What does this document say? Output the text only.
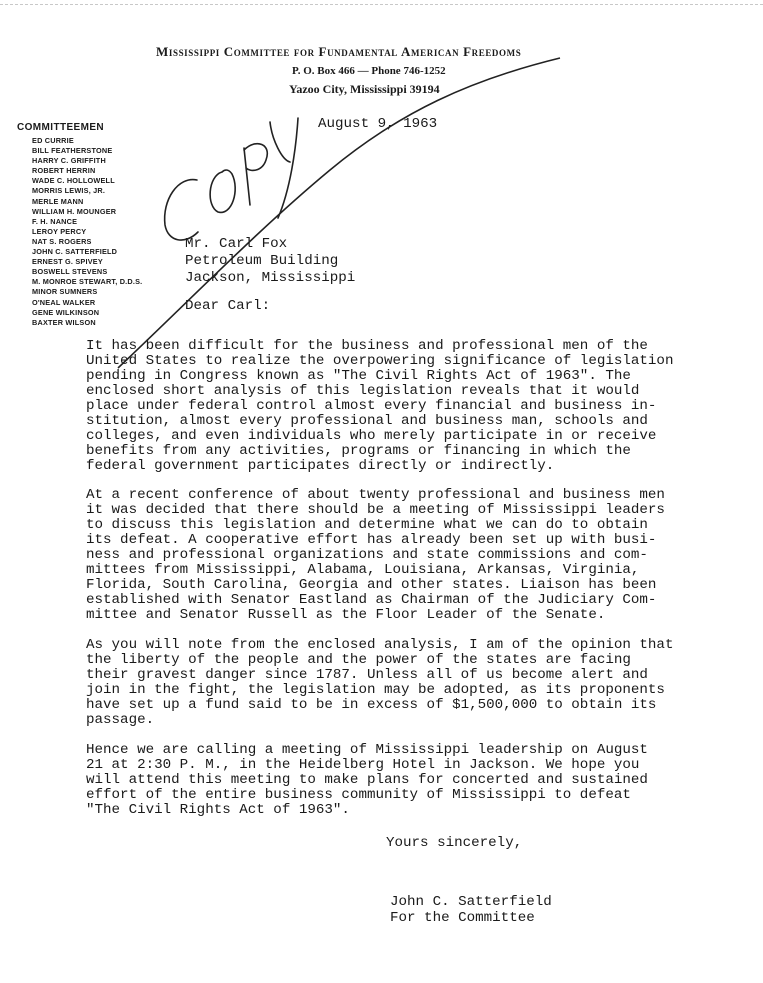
Mississippi Committee for Fundamental American Freedoms
P. O. Box 466 — Phone 746-1252
Yazoo City, Mississippi 39194
COMMITTEEMEN
ED CURRIE
BILL FEATHERSTONE
HARRY C. GRIFFITH
ROBERT HERRIN
WADE C. HOLLOWELL
MORRIS LEWIS, JR.
MERLE MANN
WILLIAM H. MOUNGER
F. H. NANCE
LEROY PERCY
NAT S. ROGERS
JOHN C. SATTERFIELD
ERNEST G. SPIVEY
BOSWELL STEVENS
M. MONROE STEWART, D.D.S.
MINOR SUMNERS
O'NEAL WALKER
GENE WILKINSON
BAXTER WILSON
August 9, 1963
Mr. Carl Fox
Petroleum Building
Jackson, Mississippi
Dear Carl:
It has been difficult for the business and professional men of the
United States to realize the overpowering significance of legislation
pending in Congress known as "The Civil Rights Act of 1963". The
enclosed short analysis of this legislation reveals that it would
place under federal control almost every financial and business in-
stitution, almost every professional and business man, schools and
colleges, and even individuals who merely participate in or receive
benefits from any activities, programs or financing in which the
federal government participates directly or indirectly.
At a recent conference of about twenty professional and business men
it was decided that there should be a meeting of Mississippi leaders
to discuss this legislation and determine what we can do to obtain
its defeat. A cooperative effort has already been set up with busi-
ness and professional organizations and state commissions and com-
mittees from Mississippi, Alabama, Louisiana, Arkansas, Virginia,
Florida, South Carolina, Georgia and other states. Liaison has been
established with Senator Eastland as Chairman of the Judiciary Com-
mittee and Senator Russell as the Floor Leader of the Senate.
As you will note from the enclosed analysis, I am of the opinion that
the liberty of the people and the power of the states are facing
their gravest danger since 1787. Unless all of us become alert and
join in the fight, the legislation may be adopted, as its proponents
have set up a fund said to be in excess of $1,500,000 to obtain its
passage.
Hence we are calling a meeting of Mississippi leadership on August
21 at 2:30 P. M., in the Heidelberg Hotel in Jackson. We hope you
will attend this meeting to make plans for concerted and sustained
effort of the entire business community of Mississippi to defeat
"The Civil Rights Act of 1963".
Yours sincerely,
John C. Satterfield
For the Committee
